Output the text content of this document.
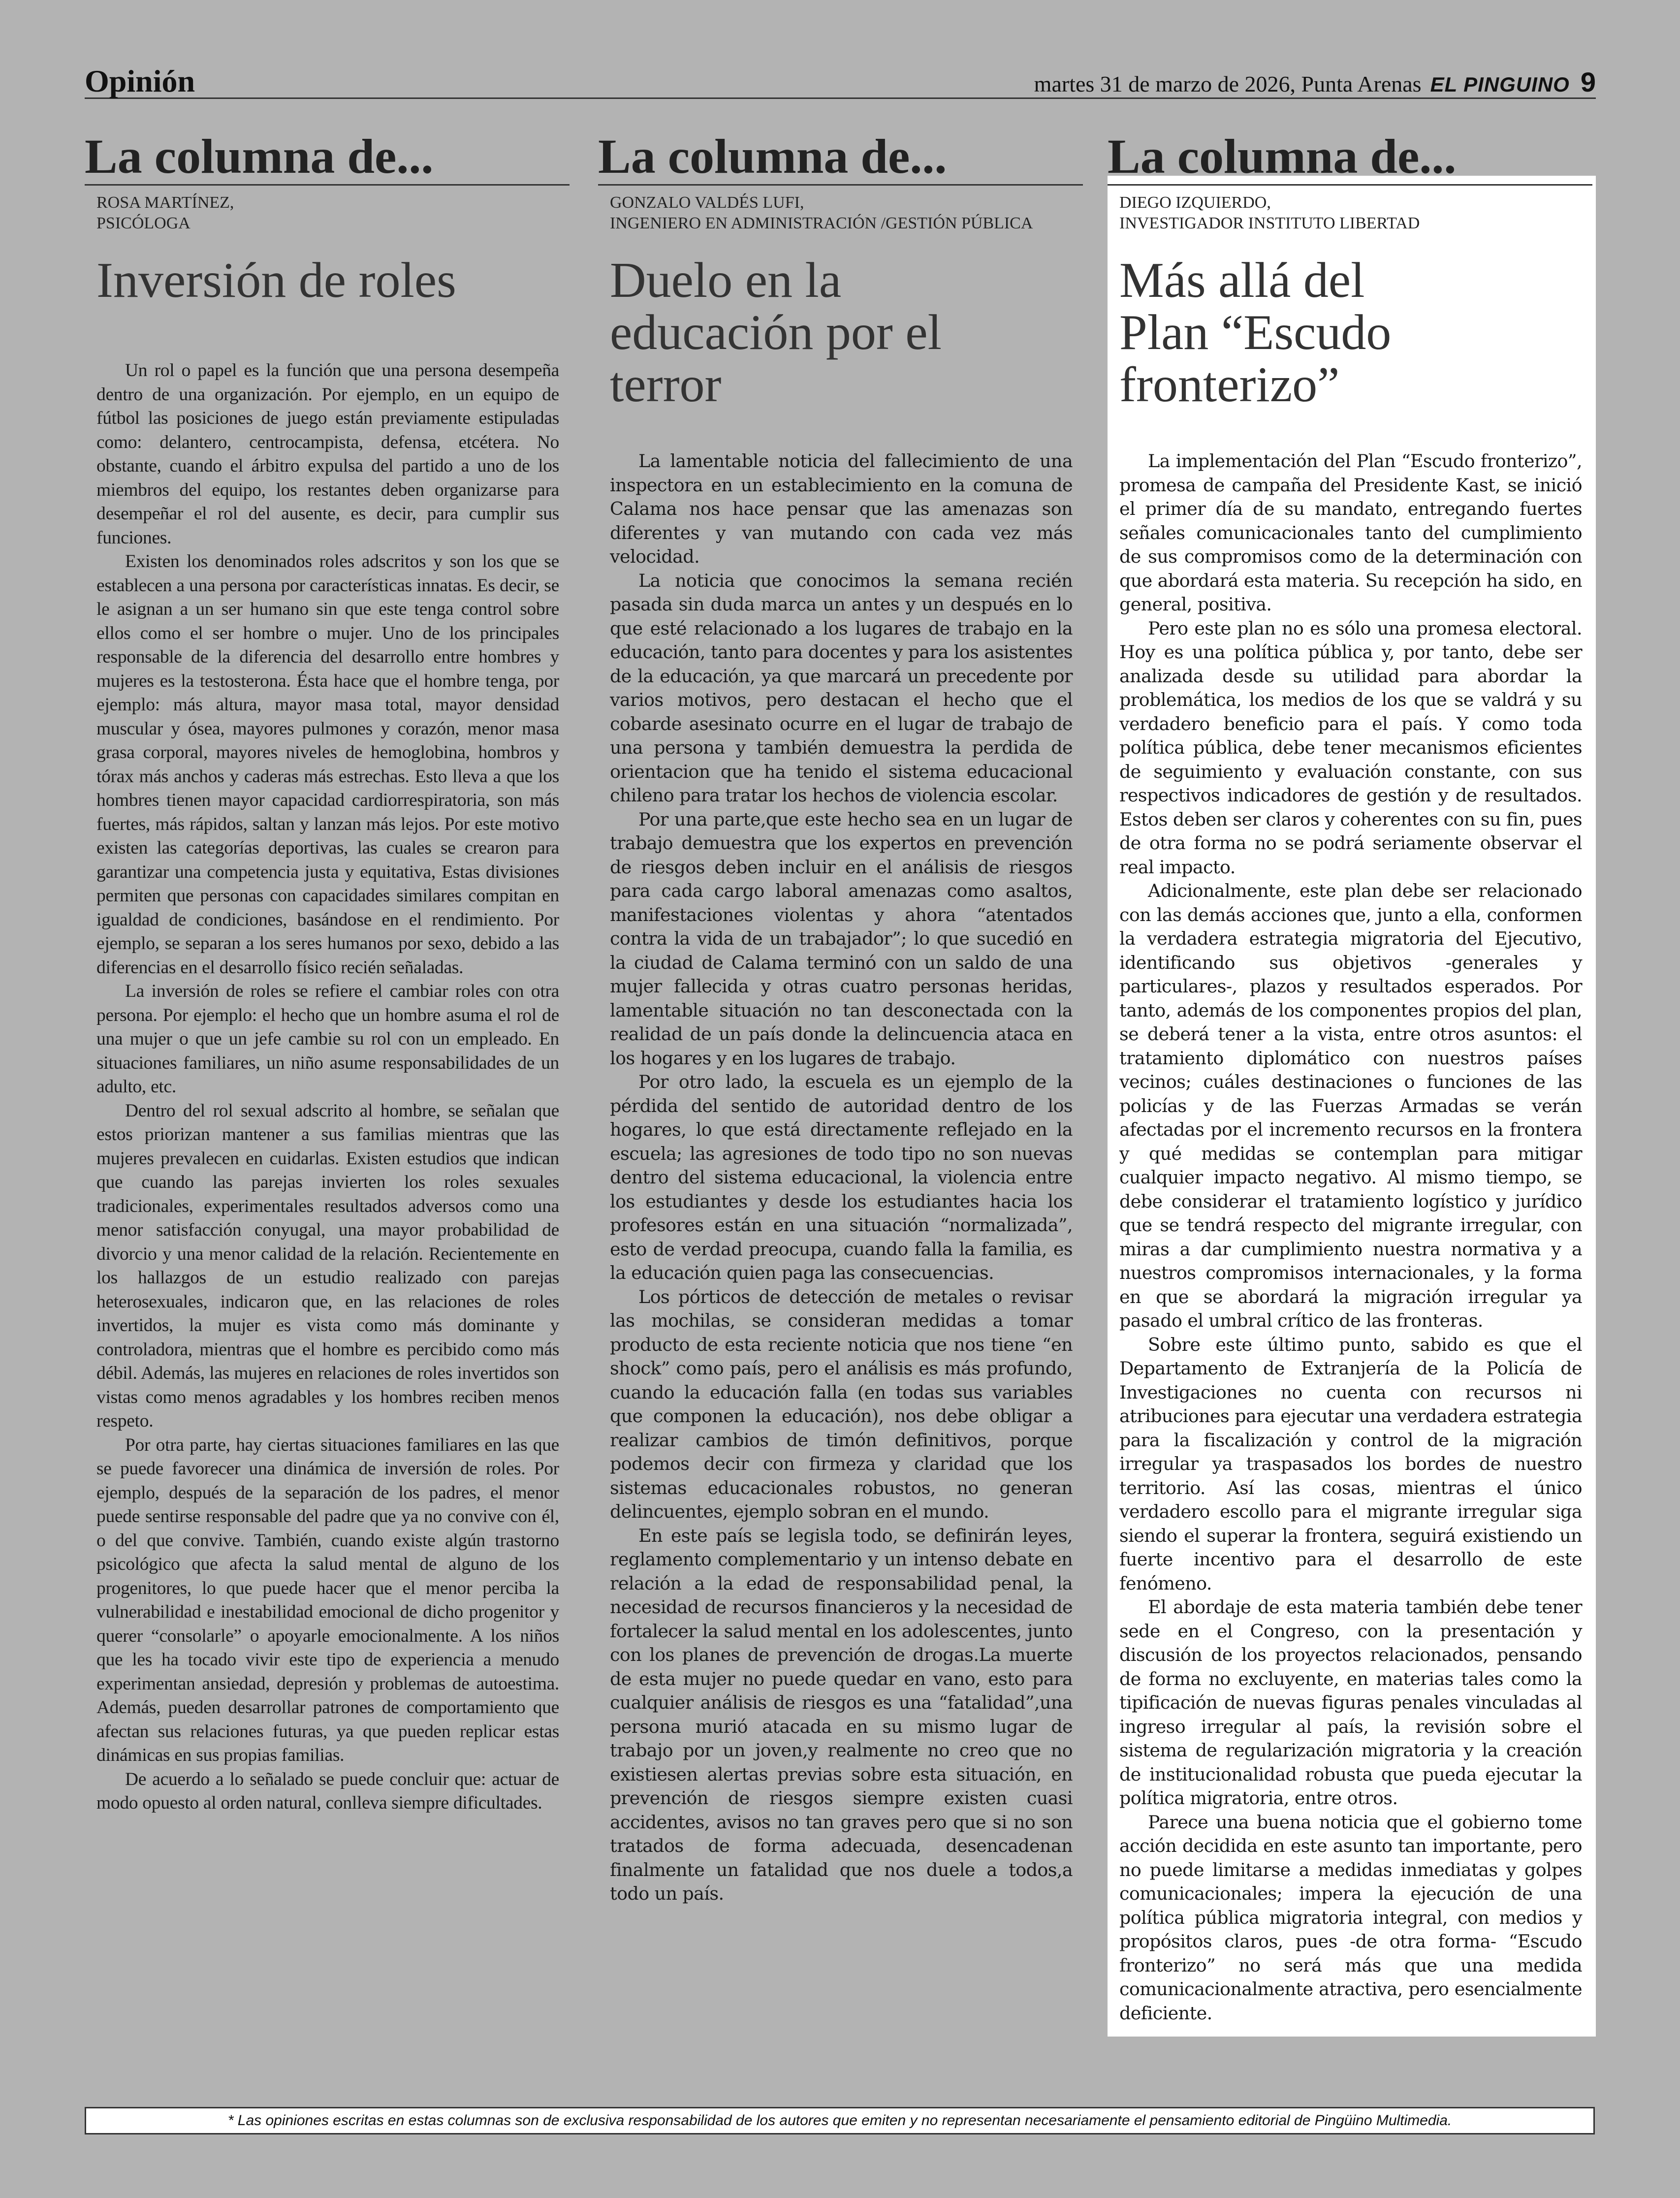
Opinión	martes 31 de marzo de 2026, Punta Arenas EL PINGUINO 9
La columna de...
ROSA MARTÍNEZ,
PSICÓLOGA
Inversión de roles

Un rol o papel es la función que una persona desempeña dentro de una organización. Por ejemplo, en un equipo de fútbol las posiciones de juego están previamente estipuladas como: delantero, centrocampista, defensa, etcétera. No obstante, cuando el árbitro expulsa del partido a uno de los miembros del equipo, los restantes deben organizarse para desempeñar el rol del ausente, es decir, para cumplir sus funciones.

Existen los denominados roles adscritos y son los que se establecen a una persona por características innatas. Es decir, se le asignan a un ser humano sin que este tenga control sobre ellos como el ser hombre o mujer. Uno de los principales responsable de la diferencia del desarrollo entre hombres y mujeres es la testosterona. Ésta hace que el hombre tenga, por ejemplo: más altura, mayor masa total, mayor densidad muscular y ósea, mayores pulmones y corazón, menor masa grasa corporal, mayores niveles de hemoglobina, hombros y tórax más anchos y caderas más estrechas. Esto lleva a que los hombres tienen mayor capacidad cardiorrespiratoria, son más fuertes, más rápidos, saltan y lanzan más lejos. Por este motivo existen las categorías deportivas, las cuales se crearon para garantizar una competencia justa y equitativa, Estas divisiones permiten que personas con capacidades similares compitan en igualdad de condiciones, basándose en el rendimiento. Por ejemplo, se separan a los seres humanos por sexo, debido a las diferencias en el desarrollo físico recién señaladas.

La inversión de roles se refiere el cambiar roles con otra persona. Por ejemplo: el hecho que un hombre asuma el rol de una mujer o que un jefe cambie su rol con un empleado. En situaciones familiares, un niño asume responsabilidades de un adulto, etc.

Dentro del rol sexual adscrito al hombre, se señalan que estos priorizan mantener a sus familias mientras que las mujeres prevalecen en cuidarlas. Existen estudios que indican que cuando las parejas invierten los roles sexuales tradicionales, experimentales resultados adversos como una menor satisfacción conyugal, una mayor probabilidad de divorcio y una menor calidad de la relación. Recientemente en los hallazgos de un estudio realizado con parejas heterosexuales, indicaron que, en las relaciones de roles invertidos, la mujer es vista como más dominante y controladora, mientras que el hombre es percibido como más débil. Además, las mujeres en relaciones de roles invertidos son vistas como menos agradables y los hombres reciben menos respeto.

Por otra parte, hay ciertas situaciones familiares en las que se puede favorecer una dinámica de inversión de roles. Por ejemplo, después de la separación de los padres, el menor puede sentirse responsable del padre que ya no convive con él, o del que convive. También, cuando existe algún trastorno psicológico que afecta la salud mental de alguno de los progenitores, lo que puede hacer que el menor perciba la vulnerabilidad e inestabilidad emocional de dicho progenitor y querer “consolarle” o apoyarle emocionalmente. A los niños que les ha tocado vivir este tipo de experiencia a menudo experimentan ansiedad, depresión y problemas de autoestima. Además, pueden desarrollar patrones de comportamiento que afectan sus relaciones futuras, ya que pueden replicar estas dinámicas en sus propias familias.

De acuerdo a lo señalado se puede concluir que: actuar de modo opuesto al orden natural, conlleva siempre dificultades.

La columna de...
GONZALO VALDÉS LUFI,
INGENIERO EN ADMINISTRACIÓN /GESTIÓN PÚBLICA
Duelo en la educación por el terror

La lamentable noticia del fallecimiento de una inspectora en un establecimiento en la comuna de Calama nos hace pensar que las amenazas son diferentes y van mutando con cada vez más velocidad.

La noticia que conocimos la semana recién pasada sin duda marca un antes y un después en lo que esté relacionado a los lugares de trabajo en la educación, tanto para docentes y para los asistentes de la educación, ya que marcará un precedente por varios motivos, pero destacan el hecho que el cobarde asesinato ocurre en el lugar de trabajo de una persona y también demuestra la perdida de orientacion que ha tenido el sistema educacional chileno para tratar los hechos de violencia escolar.

Por una parte,que este hecho sea en un lugar de trabajo demuestra que los expertos en prevención de riesgos deben incluir en el análisis de riesgos para cada cargo laboral amenazas como asaltos, manifestaciones violentas y ahora “atentados contra la vida de un trabajador”; lo que sucedió en la ciudad de Calama terminó con un saldo de una mujer fallecida y otras cuatro personas heridas, lamentable situación no tan desconectada con la realidad de un país donde la delincuencia ataca en los hogares y en los lugares de trabajo.

Por otro lado, la escuela es un ejemplo de la pérdida del sentido de autoridad dentro de los hogares, lo que está directamente reflejado en la escuela; las agresiones de todo tipo no son nuevas dentro del sistema educacional, la violencia entre los estudiantes y desde los estudiantes hacia los profesores están en una situación “normalizada”, esto de verdad preocupa, cuando falla la familia, es la educación quien paga las consecuencias.

Los pórticos de detección de metales o revisar las mochilas, se consideran medidas a tomar producto de esta reciente noticia que nos tiene “en shock” como país, pero el análisis es más profundo, cuando la educación falla (en todas sus variables que componen la educación), nos debe obligar a realizar cambios de timón definitivos, porque podemos decir con firmeza y claridad que los sistemas educacionales robustos, no generan delincuentes, ejemplo sobran en el mundo.

En este país se legisla todo, se definirán leyes, reglamento complementario y un intenso debate en relación a la edad de responsabilidad penal, la necesidad de recursos financieros y la necesidad de fortalecer la salud mental en los adolescentes, junto con los planes de prevención de drogas.La muerte de esta mujer no puede quedar en vano, esto para cualquier análisis de riesgos es una “fatalidad”,una persona murió atacada en su mismo lugar de trabajo por un joven,y realmente no creo que no existiesen alertas previas sobre esta situación, en prevención de riesgos siempre existen cuasi accidentes, avisos no tan graves pero que si no son tratados de forma adecuada, desencadenan finalmente un fatalidad que nos duele a todos,a todo un país.

La columna de...
DIEGO IZQUIERDO,
INVESTIGADOR INSTITUTO LIBERTAD
Más allá del Plan “Escudo fronterizo”

La implementación del Plan “Escudo fronterizo”, promesa de campaña del Presidente Kast, se inició el primer día de su mandato, entregando fuertes señales comunicacionales tanto del cumplimiento de sus compromisos como de la determinación con que abordará esta materia. Su recepción ha sido, en general, positiva.

Pero este plan no es sólo una promesa electoral. Hoy es una política pública y, por tanto, debe ser analizada desde su utilidad para abordar la problemática, los medios de los que se valdrá y su verdadero beneficio para el país. Y como toda política pública, debe tener mecanismos eficientes de seguimiento y evaluación constante, con sus respectivos indicadores de gestión y de resultados. Estos deben ser claros y coherentes con su fin, pues de otra forma no se podrá seriamente observar el real impacto.

Adicionalmente, este plan debe ser relacionado con las demás acciones que, junto a ella, conformen la verdadera estrategia migratoria del Ejecutivo, identificando sus objetivos -generales y particulares-, plazos y resultados esperados. Por tanto, además de los componentes propios del plan, se deberá tener a la vista, entre otros asuntos: el tratamiento diplomático con nuestros países vecinos; cuáles destinaciones o funciones de las policías y de las Fuerzas Armadas se verán afectadas por el incremento recursos en la frontera y qué medidas se contemplan para mitigar cualquier impacto negativo. Al mismo tiempo, se debe considerar el tratamiento logístico y jurídico que se tendrá respecto del migrante irregular, con miras a dar cumplimiento nuestra normativa y a nuestros compromisos internacionales, y la forma en que se abordará la migración irregular ya pasado el umbral crítico de las fronteras.

Sobre este último punto, sabido es que el Departamento de Extranjería de la Policía de Investigaciones no cuenta con recursos ni atribuciones para ejecutar una verdadera estrategia para la fiscalización y control de la migración irregular ya traspasados los bordes de nuestro territorio. Así las cosas, mientras el único verdadero escollo para el migrante irregular siga siendo el superar la frontera, seguirá existiendo un fuerte incentivo para el desarrollo de este fenómeno.

El abordaje de esta materia también debe tener sede en el Congreso, con la presentación y discusión de los proyectos relacionados, pensando de forma no excluyente, en materias tales como la tipificación de nuevas figuras penales vinculadas al ingreso irregular al país, la revisión sobre el sistema de regularización migratoria y la creación de institucionalidad robusta que pueda ejecutar la política migratoria, entre otros.

Parece una buena noticia que el gobierno tome acción decidida en este asunto tan importante, pero no puede limitarse a medidas inmediatas y golpes comunicacionales; impera la ejecución de una política pública migratoria integral, con medios y propósitos claros, pues -de otra forma- “Escudo fronterizo” no será más que una medida comunicacionalmente atractiva, pero esencialmente deficiente.

* Las opiniones escritas en estas columnas son de exclusiva responsabilidad de los autores que emiten y no representan necesariamente el pensamiento editorial de Pingüino Multimedia.
